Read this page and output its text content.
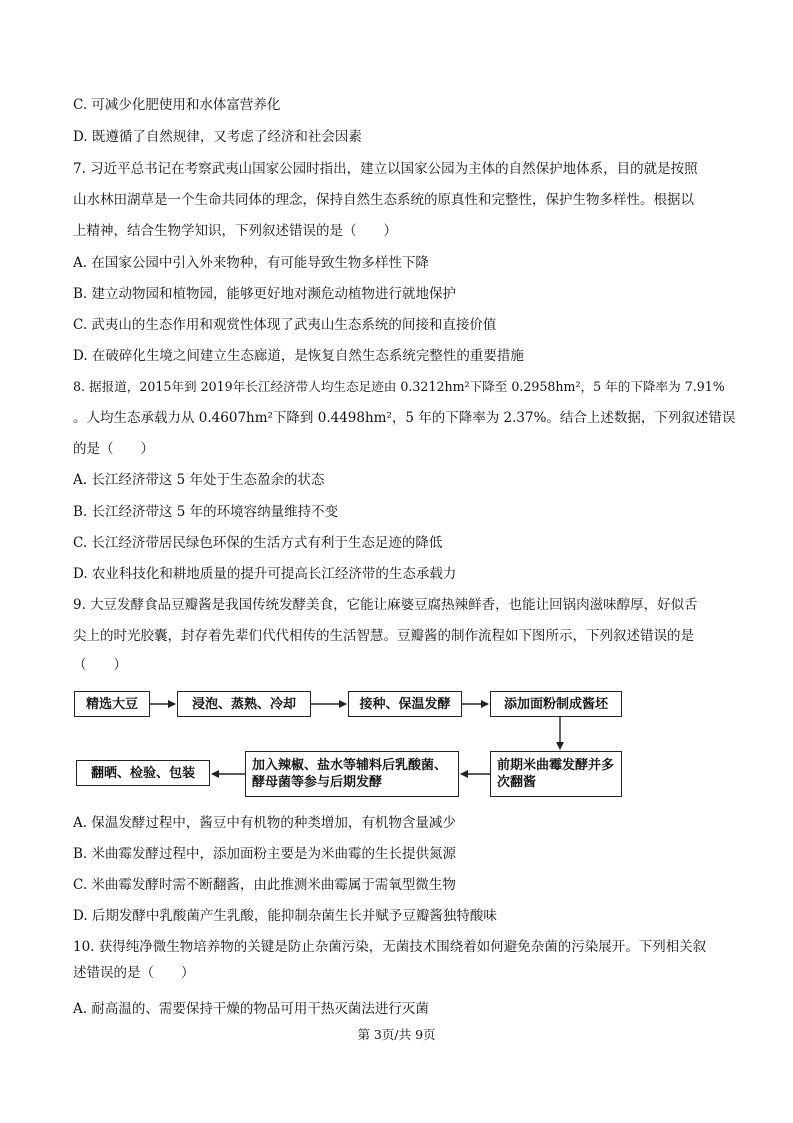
C. 可减少化肥使用和水体富营养化
D. 既遵循了自然规律，又考虑了经济和社会因素
7. 习近平总书记在考察武夷山国家公园时指出，建立以国家公园为主体的自然保护地体系，目的就是按照
山水林田湖草是一个生命共同体的理念，保持自然生态系统的原真性和完整性，保护生物多样性。根据以
上精神，结合生物学知识，下列叙述错误的是（　　）
A. 在国家公园中引入外来物种，有可能导致生物多样性下降
B. 建立动物园和植物园，能够更好地对濒危动植物进行就地保护
C. 武夷山的生态作用和观赏性体现了武夷山生态系统的间接和直接价值
D. 在破碎化生境之间建立生态廊道，是恢复自然生态系统完整性的重要措施
8. 据报道，2015年到 2019年长江经济带人均生态足迹由 0.3212hm²下降至 0.2958hm²，5 年的下降率为 7.91%
。人均生态承载力从 0.4607hm²下降到 0.4498hm²，5 年的下降率为 2.37%。结合上述数据，下列叙述错误
的是（　　）
A. 长江经济带这 5 年处于生态盈余的状态
B. 长江经济带这 5 年的环境容纳量维持不变
C. 长江经济带居民绿色环保的生活方式有利于生态足迹的降低
D. 农业科技化和耕地质量的提升可提高长江经济带的生态承载力
9. 大豆发酵食品豆瓣酱是我国传统发酵美食，它能让麻婆豆腐热辣鲜香，也能让回锅肉滋味醇厚，好似舌
尖上的时光胶囊，封存着先辈们代代相传的生活智慧。豆瓣酱的制作流程如下图所示，下列叙述错误的是
（　　）
精选大豆	浸泡、蒸熟、冷却	接种、保温发酵	添加面粉制成酱坯
前期米曲霉发酵并多次翻酱
加入辣椒、盐水等辅料后乳酸菌、酵母菌等参与后期发酵
翻晒、检验、包装
A. 保温发酵过程中，酱豆中有机物的种类增加，有机物含量减少
B. 米曲霉发酵过程中，添加面粉主要是为米曲霉的生长提供氮源
C. 米曲霉发酵时需不断翻酱，由此推测米曲霉属于需氧型微生物
D. 后期发酵中乳酸菌产生乳酸，能抑制杂菌生长并赋予豆瓣酱独特酸味
10. 获得纯净微生物培养物的关键是防止杂菌污染，无菌技术围绕着如何避免杂菌的污染展开。下列相关叙
述错误的是（　　）
A. 耐高温的、需要保持干燥的物品可用干热灭菌法进行灭菌
第 3页/共 9页
